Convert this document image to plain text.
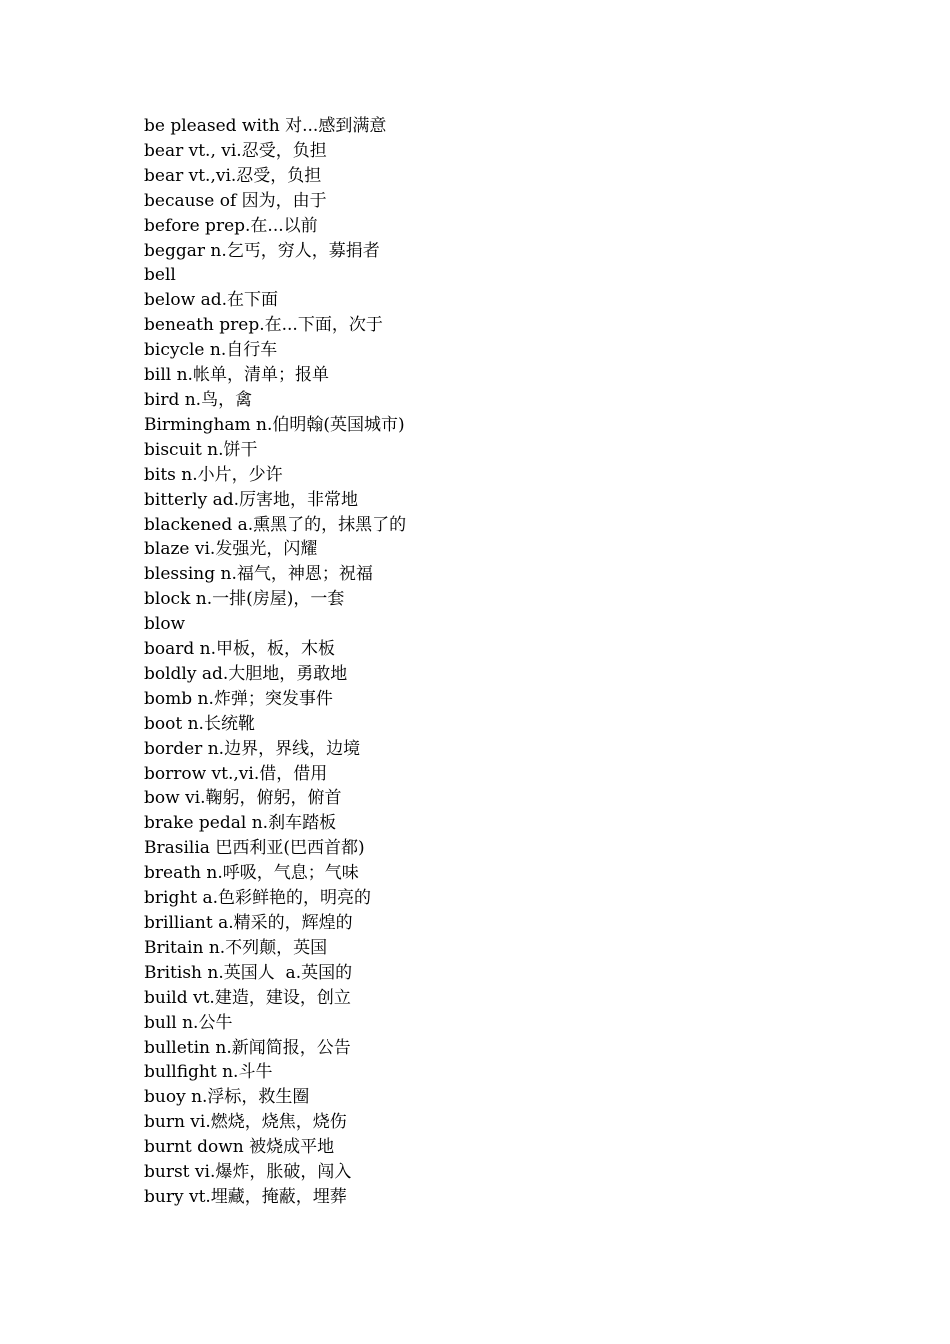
be pleased with 对...感到满意
bear vt., vi.忍受，负担
bear vt.,vi.忍受，负担
because of 因为，由于
before prep.在...以前
beggar n.乞丐，穷人，募捐者
bell
below ad.在下面
beneath prep.在...下面，次于
bicycle n.自行车
bill n.帐单，清单；报单
bird n.鸟，禽
Birmingham n.伯明翰(英国城市)
biscuit n.饼干
bits n.小片，少许
bitterly ad.厉害地，非常地
blackened a.熏黑了的，抹黑了的
blaze vi.发强光，闪耀
blessing n.福气，神恩；祝福
block n.一排(房屋)，一套
blow
board n.甲板，板，木板
boldly ad.大胆地，勇敢地
bomb n.炸弹；突发事件
boot n.长统靴
border n.边界，界线，边境
borrow vt.,vi.借，借用
bow vi.鞠躬，俯躬，俯首
brake pedal n.刹车踏板
Brasilia 巴西利亚(巴西首都)
breath n.呼吸，气息；气味
bright a.色彩鲜艳的，明亮的
brilliant a.精采的，辉煌的
Britain n.不列颠，英国
British n.英国人  a.英国的
build vt.建造，建设，创立
bull n.公牛
bulletin n.新闻简报，公告
bullfight n.斗牛
buoy n.浮标，救生圈
burn vi.燃烧，烧焦，烧伤
burnt down 被烧成平地
burst vi.爆炸，胀破，闯入
bury vt.埋藏，掩蔽，埋葬
